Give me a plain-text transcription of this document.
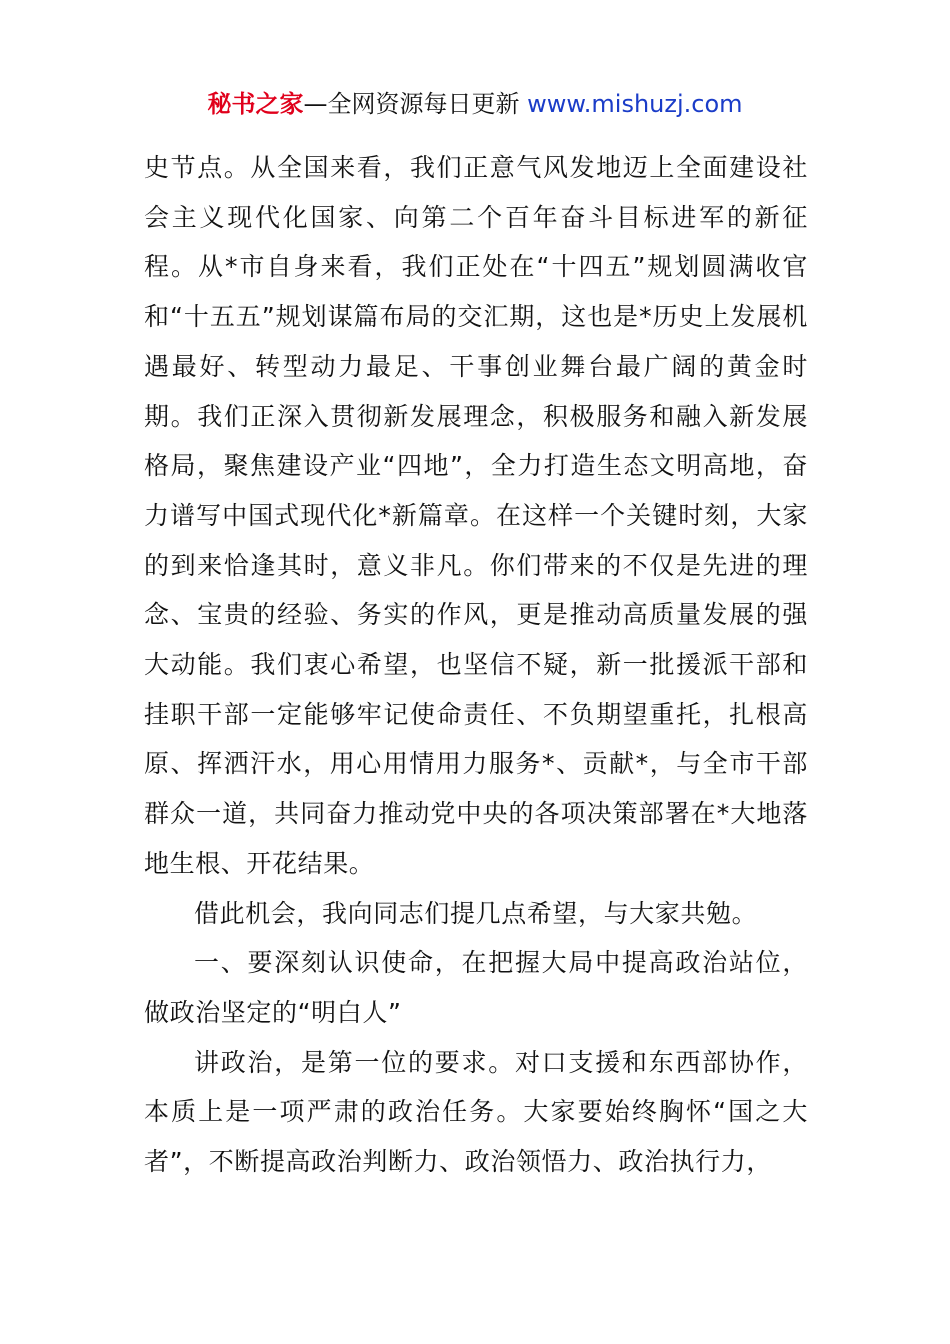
秘书之家—全网资源每日更新 www.mishuzj.com

史节点。从全国来看，我们正意气风发地迈上全面建设社会主义现代化国家、向第二个百年奋斗目标进军的新征程。从*市自身来看，我们正处在“十四五”规划圆满收官和“十五五”规划谋篇布局的交汇期，这也是*历史上发展机遇最好、转型动力最足、干事创业舞台最广阔的黄金时期。我们正深入贯彻新发展理念，积极服务和融入新发展格局，聚焦建设产业“四地”，全力打造生态文明高地，奋力谱写中国式现代化*新篇章。在这样一个关键时刻，大家的到来恰逢其时，意义非凡。你们带来的不仅是先进的理念、宝贵的经验、务实的作风，更是推动高质量发展的强大动能。我们衷心希望，也坚信不疑，新一批援派干部和挂职干部一定能够牢记使命责任、不负期望重托，扎根高原、挥洒汗水，用心用情用力服务*、贡献*，与全市干部群众一道，共同奋力推动党中央的各项决策部署在*大地落地生根、开花结果。

借此机会，我向同志们提几点希望，与大家共勉。

一、要深刻认识使命，在把握大局中提高政治站位，做政治坚定的“明白人”

讲政治，是第一位的要求。对口支援和东西部协作，本质上是一项严肃的政治任务。大家要始终胸怀“国之大者”，不断提高政治判断力、政治领悟力、政治执行力，
